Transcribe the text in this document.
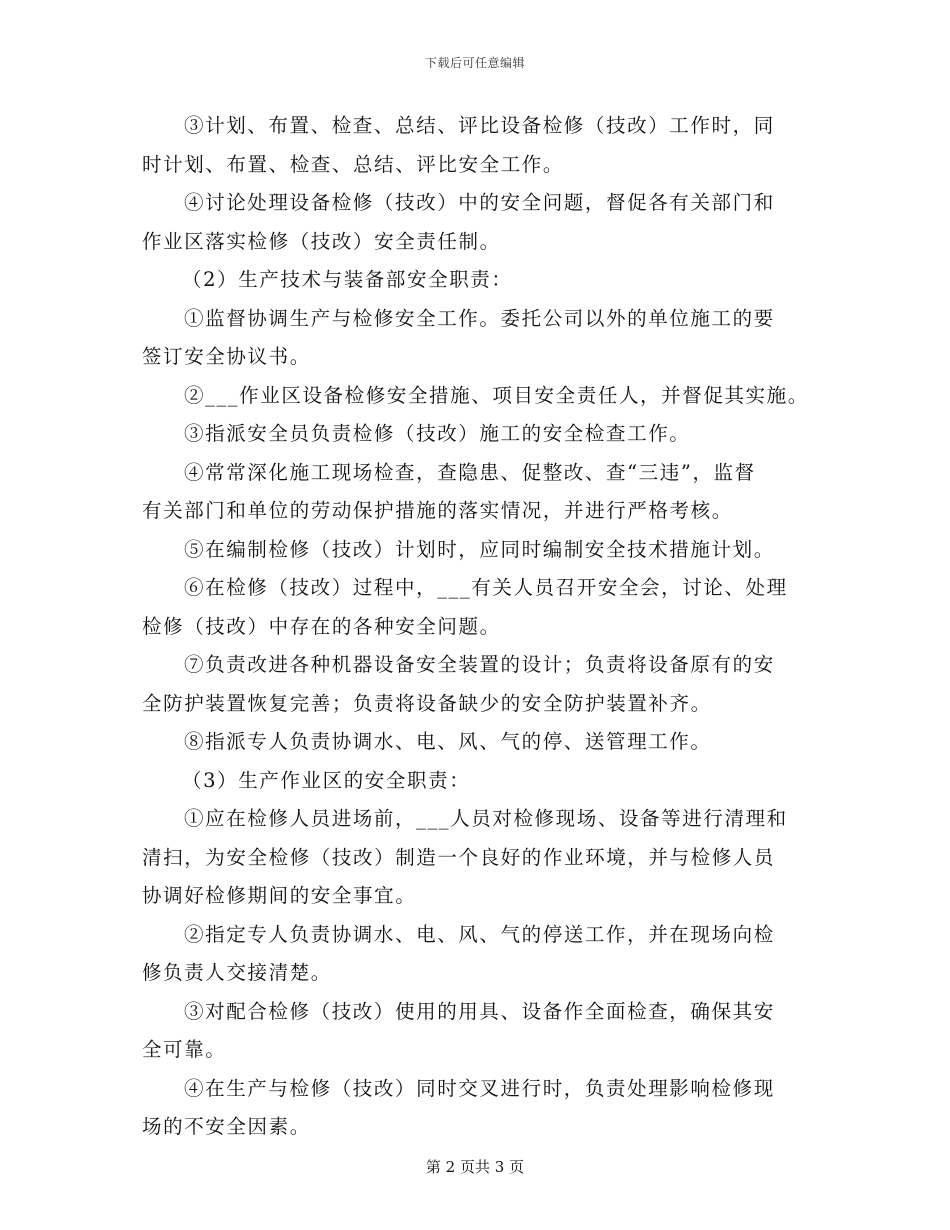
下载后可任意编辑
③计划、布置、检查、总结、评比设备检修（技改）工作时，同
时计划、布置、检查、总结、评比安全工作。
④讨论处理设备检修（技改）中的安全问题，督促各有关部门和
作业区落实检修（技改）安全责任制。
（2）生产技术与装备部安全职责：
①监督协调生产与检修安全工作。委托公司以外的单位施工的要
签订安全协议书。
②___作业区设备检修安全措施、项目安全责任人，并督促其实施。
③指派安全员负责检修（技改）施工的安全检查工作。
④常常深化施工现场检查，查隐患、促整改、查“三违”，监督
有关部门和单位的劳动保护措施的落实情况，并进行严格考核。
⑤在编制检修（技改）计划时，应同时编制安全技术措施计划。
⑥在检修（技改）过程中，___有关人员召开安全会，讨论、处理
检修（技改）中存在的各种安全问题。
⑦负责改进各种机器设备安全装置的设计；负责将设备原有的安
全防护装置恢复完善；负责将设备缺少的安全防护装置补齐。
⑧指派专人负责协调水、电、风、气的停、送管理工作。
（3）生产作业区的安全职责：
①应在检修人员进场前，___人员对检修现场、设备等进行清理和
清扫，为安全检修（技改）制造一个良好的作业环境，并与检修人员
协调好检修期间的安全事宜。
②指定专人负责协调水、电、风、气的停送工作，并在现场向检
修负责人交接清楚。
③对配合检修（技改）使用的用具、设备作全面检查，确保其安
全可靠。
④在生产与检修（技改）同时交叉进行时，负责处理影响检修现
场的不安全因素。
第 2 页共 3 页
